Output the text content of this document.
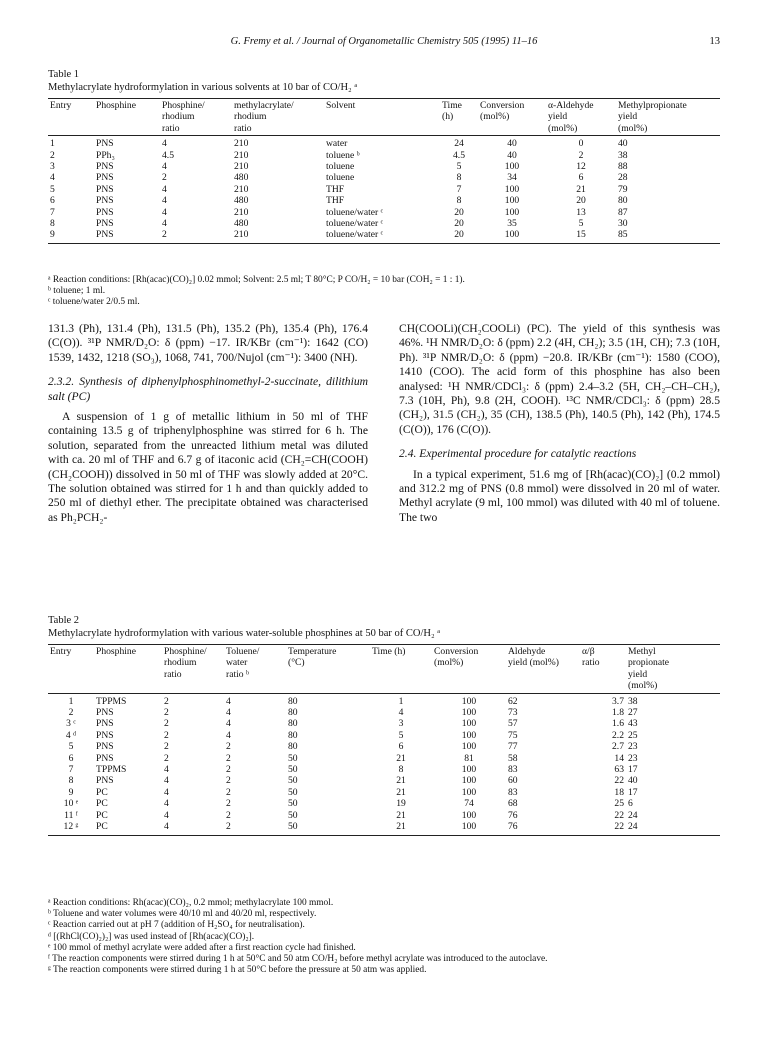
G. Fremy et al. / Journal of Organometallic Chemistry 505 (1995) 11–16	13
Table 1
Methylacrylate hydroformylation in various solvents at 10 bar of CO/H₂ ᵃ
Entry	Phosphine	Phosphine/
rhodium
ratio	methylacrylate/
rhodium
ratio	Solvent	Time
(h)	Conversion
(mol%)	α-Aldehyde
yield
(mol%)	Methylpropionate
yield
(mol%)

1	PNS	4	210	water	24	40	0	40
2	PPh₃	4.5	210	toluene ᵇ	4.5	40	2	38
3	PNS	4	210	toluene	5	100	12	88
4	PNS	2	480	toluene	8	34	6	28
5	PNS	4	210	THF	7	100	21	79
6	PNS	4	480	THF	8	100	20	80
7	PNS	4	210	toluene/water ᶜ	20	100	13	87
8	PNS	4	480	toluene/water ᶜ	20	35	5	30
9	PNS	2	210	toluene/water ᶜ	20	100	15	85
ᵃ Reaction conditions: [Rh(acac)(CO)₂] 0.02 mmol; Solvent: 2.5 ml; T 80°C; P CO/H₂ = 10 bar (COH₂ = 1 : 1).
ᵇ toluene; 1 ml.
ᶜ toluene/water 2/0.5 ml.

131.3 (Ph), 131.4 (Ph), 131.5 (Ph), 135.2 (Ph), 135.4 (Ph), 176.4 (C(O)). ³¹P NMR/D₂O: δ (ppm) −17. IR/KBr (cm⁻¹): 1642 (CO) 1539, 1432, 1218 (SO₃), 1068, 741, 700/Nujol (cm⁻¹): 3400 (NH).

2.3.2. Synthesis of diphenylphosphinomethyl-2-succinate, dilithium salt (PC)

A suspension of 1 g of metallic lithium in 50 ml of THF containing 13.5 g of triphenylphosphine was stirred for 6 h. The solution, separated from the unreacted lithium metal was diluted with ca. 20 ml of THF and 6.7 g of itaconic acid (CH₂=CH(COOH)(CH₂COOH)) dissolved in 50 ml of THF was slowly added at 20°C. The solution obtained was stirred for 1 h and than quickly added to 250 ml of diethyl ether. The precipitate obtained was characterised as Ph₂PCH₂-

CH(COOLi)(CH₂COOLi) (PC). The yield of this synthesis was 46%. ¹H NMR/D₂O: δ (ppm) 2.2 (4H, CH₂); 3.5 (1H, CH); 7.3 (10H, Ph). ³¹P NMR/D₂O: δ (ppm) −20.8. IR/KBr (cm⁻¹): 1580 (COO), 1410 (COO). The acid form of this phosphine has also been analysed: ¹H NMR/CDCl₃: δ (ppm) 2.4–3.2 (5H, CH₂–CH–CH₂), 7.3 (10H, Ph), 9.8 (2H, COOH). ¹³C NMR/CDCl₃: δ (ppm) 28.5 (CH₂), 31.5 (CH₂), 35 (CH), 138.5 (Ph), 140.5 (Ph), 142 (Ph), 174.5 (C(O)), 176 (C(O)).

2.4. Experimental procedure for catalytic reactions

In a typical experiment, 51.6 mg of [Rh(acac)(CO)₂] (0.2 mmol) and 312.2 mg of PNS (0.8 mmol) were dissolved in 20 ml of water. Methyl acrylate (9 ml, 100 mmol) was diluted with 40 ml of toluene. The two

Table 2
Methylacrylate hydroformylation with various water-soluble phosphines at 50 bar of CO/H₂ ᵃ
Entry	Phosphine	Phosphine/
rhodium
ratio	Toluene/
water
ratio ᵇ	Temperature
(°C)	Time (h)	Conversion
(mol%)	Aldehyde
yield (mol%)	α/β
ratio	Methyl
propionate
yield
(mol%)

1	TPPMS	2	4	80	1	100	62	3.7	38
2	PNS	2	4	80	4	100	73	1.8	27
3 ᶜ	PNS	2	4	80	3	100	57	1.6	43
4 ᵈ	PNS	2	4	80	5	100	75	2.2	25
5	PNS	2	2	80	6	100	77	2.7	23
6	PNS	2	2	50	21	81	58	14	23
7	TPPMS	4	2	50	8	100	83	63	17
8	PNS	4	2	50	21	100	60	22	40
9	PC	4	2	50	21	100	83	18	17
10 ᵉ	PC	4	2	50	19	74	68	25	6
11 ᶠ	PC	4	2	50	21	100	76	22	24
12 ᵍ	PC	4	2	50	21	100	76	22	24
ᵃ Reaction conditions: Rh(acac)(CO)₂, 0.2 mmol; methylacrylate 100 mmol.
ᵇ Toluene and water volumes were 40/10 ml and 40/20 ml, respectively.
ᶜ Reaction carried out at pH 7 (addition of H₂SO₄ for neutralisation).
ᵈ [(RhCl(CO)₂)₂] was used instead of [Rh(acac)(CO)₂].
ᵉ 100 mmol of methyl acrylate were added after a first reaction cycle had finished.
ᶠ The reaction components were stirred during 1 h at 50°C and 50 atm CO/H₂ before methyl acrylate was introduced to the autoclave.
ᵍ The reaction components were stirred during 1 h at 50°C before the pressure at 50 atm was applied.
